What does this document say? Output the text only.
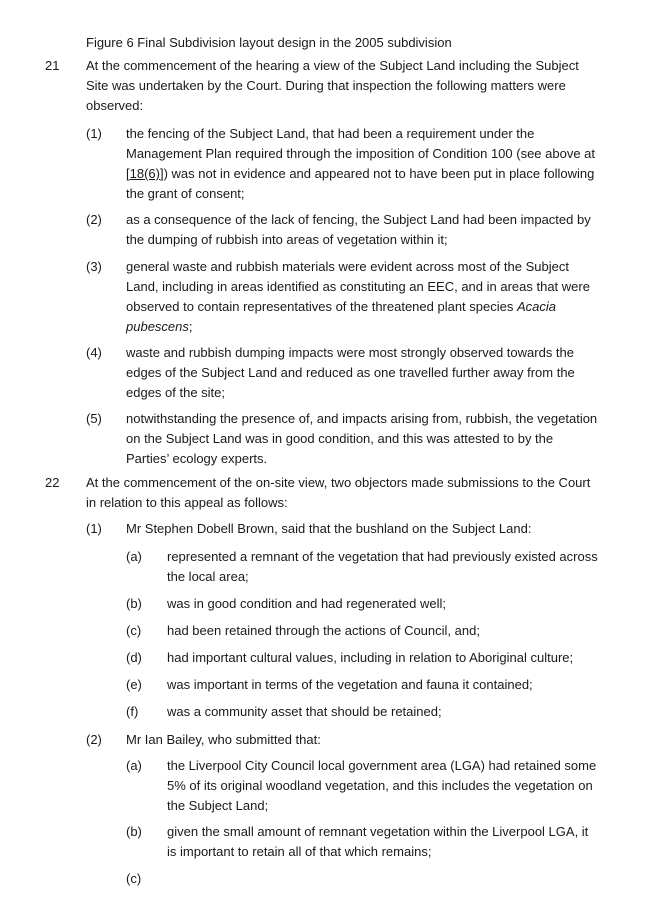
Figure 6 Final Subdivision layout design in the 2005 subdivision
21 At the commencement of the hearing a view of the Subject Land including the Subject Site was undertaken by the Court. During that inspection the following matters were observed:
(1) the fencing of the Subject Land, that had been a requirement under the Management Plan required through the imposition of Condition 100 (see above at [18(6)]) was not in evidence and appeared not to have been put in place following the grant of consent;
(2) as a consequence of the lack of fencing, the Subject Land had been impacted by the dumping of rubbish into areas of vegetation within it;
(3) general waste and rubbish materials were evident across most of the Subject Land, including in areas identified as constituting an EEC, and in areas that were observed to contain representatives of the threatened plant species Acacia pubescens;
(4) waste and rubbish dumping impacts were most strongly observed towards the edges of the Subject Land and reduced as one travelled further away from the edges of the site;
(5) notwithstanding the presence of, and impacts arising from, rubbish, the vegetation on the Subject Land was in good condition, and this was attested to by the Parties’ ecology experts.
22 At the commencement of the on-site view, two objectors made submissions to the Court in relation to this appeal as follows:
(1) Mr Stephen Dobell Brown, said that the bushland on the Subject Land:
(a) represented a remnant of the vegetation that had previously existed across the local area;
(b) was in good condition and had regenerated well;
(c) had been retained through the actions of Council, and;
(d) had important cultural values, including in relation to Aboriginal culture;
(e) was important in terms of the vegetation and fauna it contained;
(f) was a community asset that should be retained;
(2) Mr Ian Bailey, who submitted that:
(a) the Liverpool City Council local government area (LGA) had retained some 5% of its original woodland vegetation, and this includes the vegetation on the Subject Land;
(b) given the small amount of remnant vegetation within the Liverpool LGA, it is important to retain all of that which remains;
(c)
